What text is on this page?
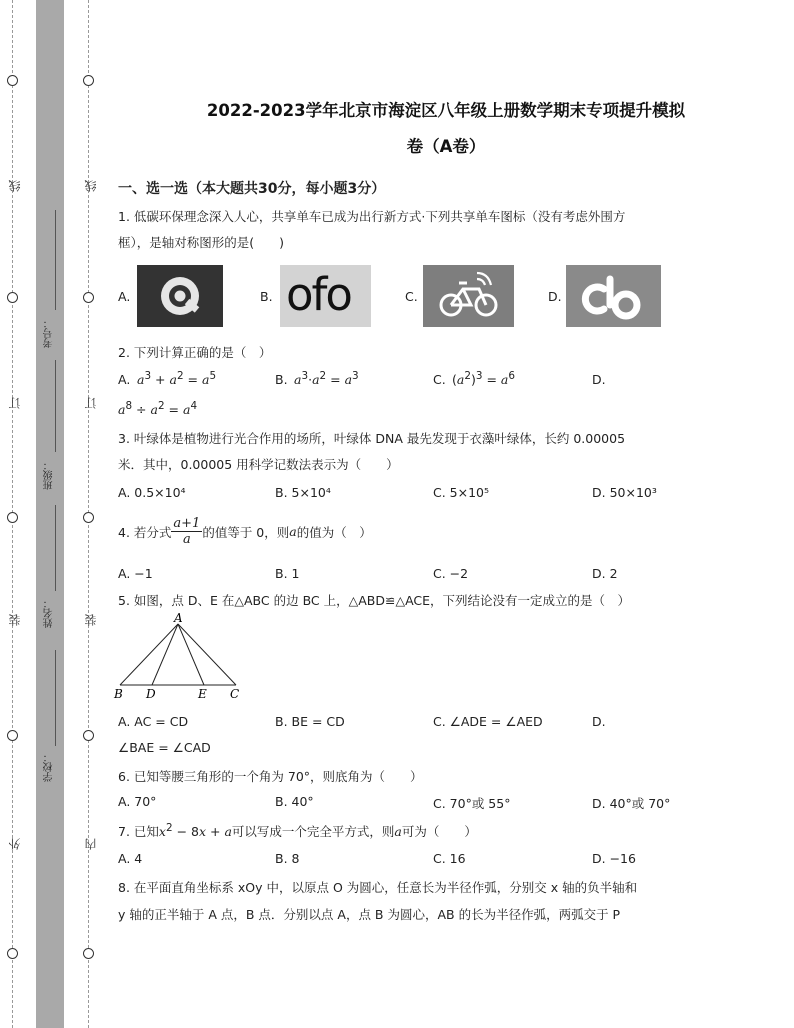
线
订
装
外
线
订
装
内
考号：
班级：
姓名：
学校：
2022-2023学年北京市海淀区八年级上册数学期末专项提升模拟
卷（A卷）
一、选一选（本大题共30分，每小题3分）
1. 低碳环保理念深入人心，共享单车已成为出行新方式·下列共享单车图标（没有考虑外围方
框），是轴对称图形的是(　　)
A.	B. ofo	C.	D.
2. 下列计算正确的是（　）
A. $a^3 + a^2 = a^5$	B. $a^3\cdot a^2 = a^3$	C. $(a^2)^3 = a^6$	D.
$a^8 \div a^2 = a^4$
3. 叶绿体是植物进行光合作用的场所，叶绿体 DNA 最先发现于衣藻叶绿体，长约 0.00005
米．其中，0.00005 用科学记数法表示为（　　）
A. 0.5×10⁴	B. 5×10⁴	C. 5×10⁵	D. 50×10³
4. 若分式 $\frac{a+1}{a}$ 的值等于 0，则 a 的值为（　）
A. −1	B. 1	C. −2	D. 2
5. 如图，点 D、E 在△ABC 的边 BC 上，△ABD≌△ACE，下列结论没有一定成立的是（　）
A
B D	E C
A. AC = CD	B. BE = CD	C. ∠ADE = ∠AED	D.
∠BAE = ∠CAD
6. 已知等腰三角形的一个角为 70°，则底角为（　　）
A. 70°	B. 40°	C. 70°或 55°	D. 40°或 70°
7. 已知$x^2 - 8x + a$可以写成一个完全平方式，则a可为（　　）
A. 4	B. 8	C. 16	D. −16
8. 在平面直角坐标系 xOy 中，以原点 O 为圆心，任意长为半径作弧，分别交 x 轴的负半轴和
y 轴的正半轴于 A 点，B 点．分别以点 A，点 B 为圆心，AB 的长为半径作弧，两弧交于 P
